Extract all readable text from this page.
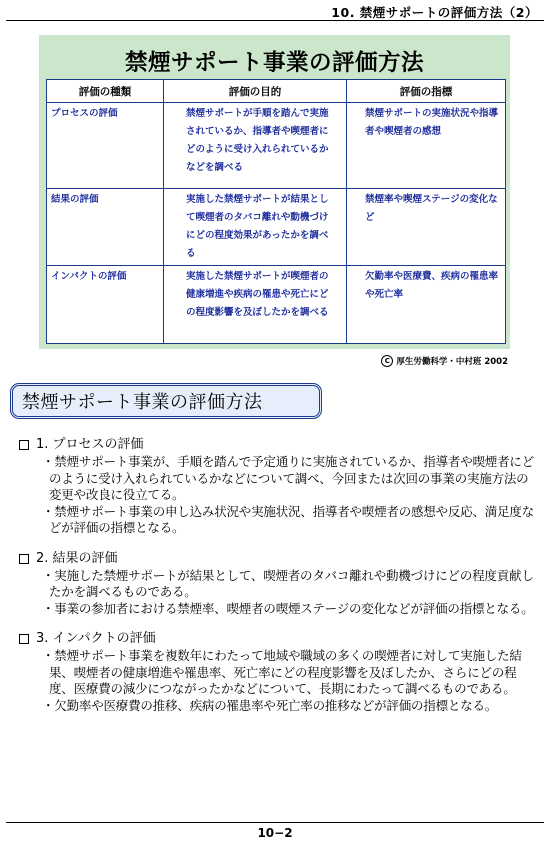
10. 禁煙サポートの評価方法（2）
禁煙サポート事業の評価方法
評価の種類	評価の目的	評価の指標
プロセスの評価	禁煙サポートが手順を踏んで実施されているか、指導者や喫煙者にどのように受け入れられているかなどを調べる	禁煙サポートの実施状況や指導者や喫煙者の感想
結果の評価	実施した禁煙サポートが結果として喫煙者のタバコ離れや動機づけにどの程度効果があったかを調べる	禁煙率や喫煙ステージの変化など
インパクトの評価	実施した禁煙サポートが喫煙者の健康増進や疾病の罹患や死亡にどの程度影響を及ぼしたかを調べる	欠勤率や医療費、疾病の罹患率や死亡率
C 厚生労働科学・中村班 2002
禁煙サポート事業の評価方法
1. プロセスの評価
・禁煙サポート事業が、手順を踏んで予定通りに実施されているか、指導者や喫煙者にどのように受け入れられているかなどについて調べ、今回または次回の事業の実施方法の変更や改良に役立てる。
・禁煙サポート事業の申し込み状況や実施状況、指導者や喫煙者の感想や反応、満足度などが評価の指標となる。
2. 結果の評価
・実施した禁煙サポートが結果として、喫煙者のタバコ離れや動機づけにどの程度貢献したかを調べるものである。
・事業の参加者における禁煙率、喫煙者の喫煙ステージの変化などが評価の指標となる。
3. インパクトの評価
・禁煙サポート事業を複数年にわたって地域や職域の多くの喫煙者に対して実施した結果、喫煙者の健康増進や罹患率、死亡率にどの程度影響を及ぼしたか、さらにどの程度、医療費の減少につながったかなどについて、長期にわたって調べるものである。
・欠勤率や医療費の推移、疾病の罹患率や死亡率の推移などが評価の指標となる。
10−2
